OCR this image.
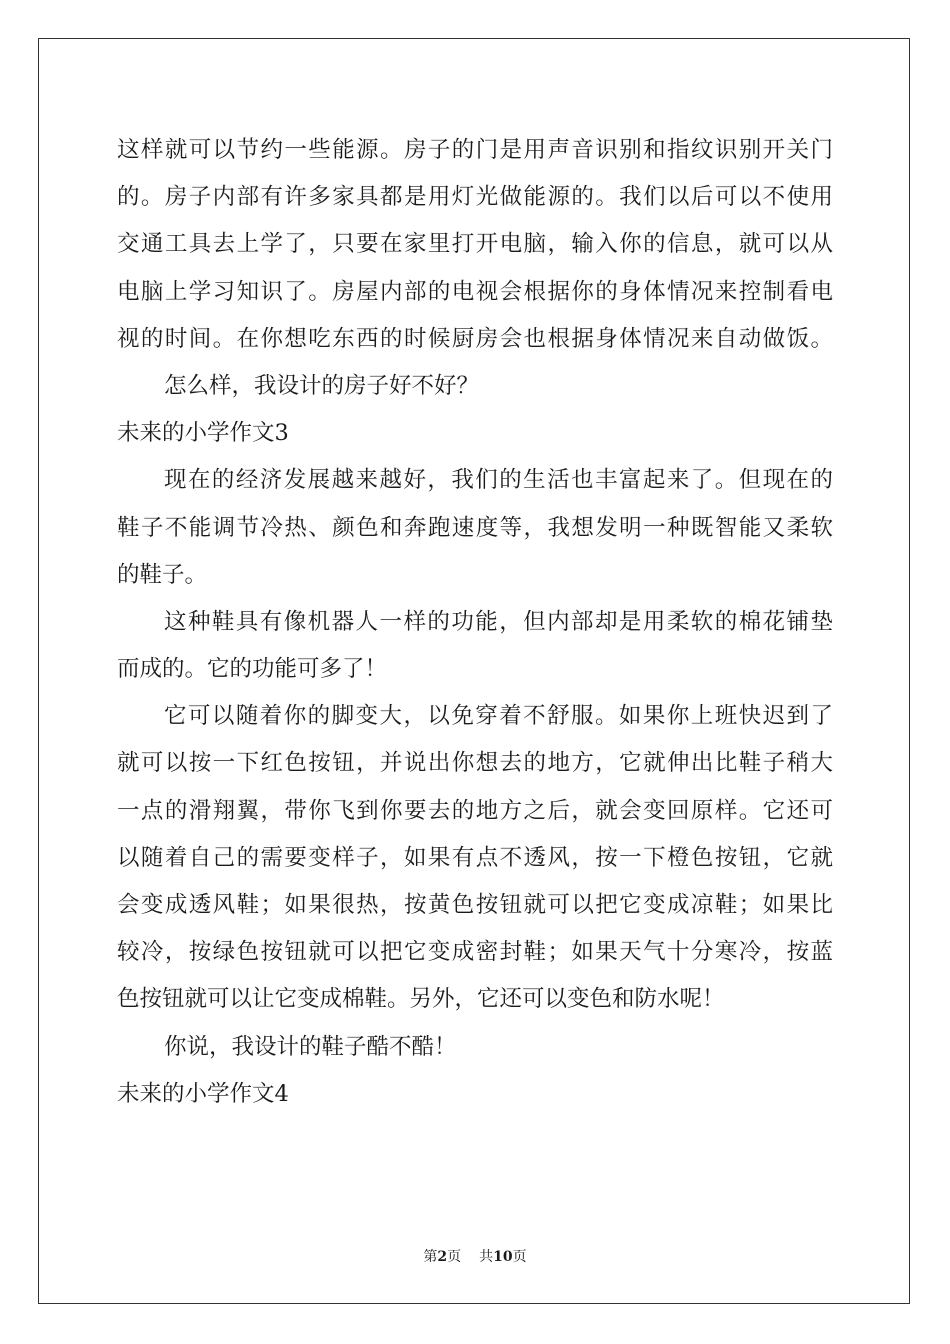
这样就可以节约一些能源。房子的门是用声音识别和指纹识别开关门
的。房子内部有许多家具都是用灯光做能源的。我们以后可以不使用
交通工具去上学了，只要在家里打开电脑，输入你的信息，就可以从
电脑上学习知识了。房屋内部的电视会根据你的身体情况来控制看电
视的时间。在你想吃东西的时候厨房会也根据身体情况来自动做饭。
怎么样，我设计的房子好不好？
未来的小学作文3
现在的经济发展越来越好，我们的生活也丰富起来了。但现在的
鞋子不能调节冷热、颜色和奔跑速度等，我想发明一种既智能又柔软
的鞋子。
这种鞋具有像机器人一样的功能，但内部却是用柔软的棉花铺垫
而成的。它的功能可多了！
它可以随着你的脚变大，以免穿着不舒服。如果你上班快迟到了
就可以按一下红色按钮，并说出你想去的地方，它就伸出比鞋子稍大
一点的滑翔翼，带你飞到你要去的地方之后，就会变回原样。它还可
以随着自己的需要变样子，如果有点不透风，按一下橙色按钮，它就
会变成透风鞋；如果很热，按黄色按钮就可以把它变成凉鞋；如果比
较冷，按绿色按钮就可以把它变成密封鞋；如果天气十分寒冷，按蓝
色按钮就可以让它变成棉鞋。另外，它还可以变色和防水呢！
你说，我设计的鞋子酷不酷！
未来的小学作文4
第2页 共10页
